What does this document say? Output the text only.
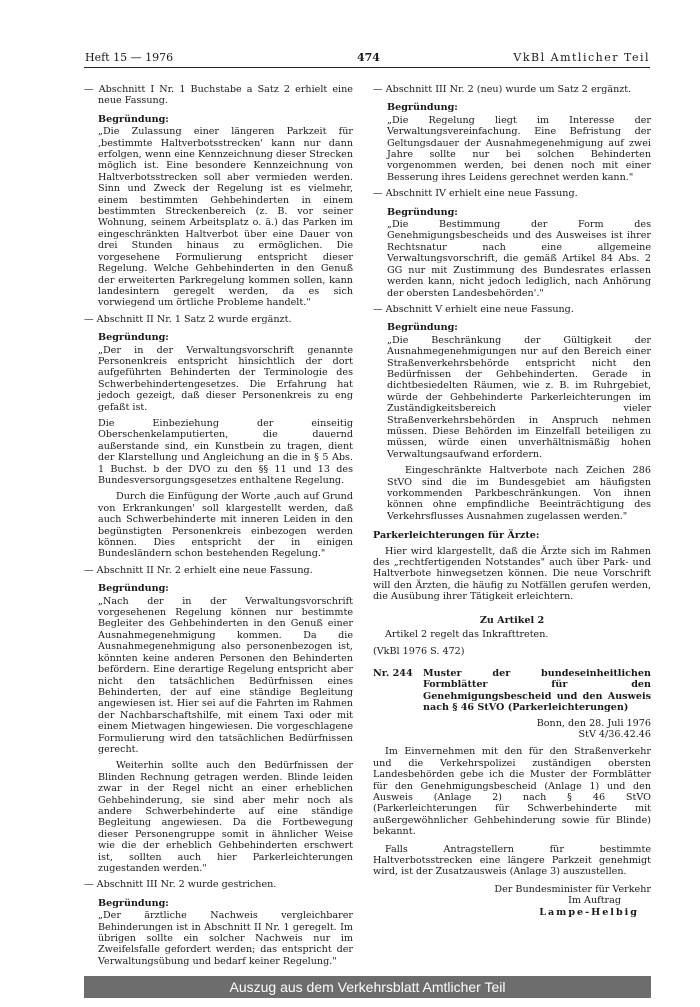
Heft 15 — 1976	474	VkBl Amtlicher Teil

— Abschnitt I Nr. 1 Buchstabe a Satz 2 erhielt eine neue Fassung.

Begründung:

„Die Zulassung einer längeren Parkzeit für ‚bestimmte Haltverbotsstrecken' kann nur dann erfolgen, wenn eine Kennzeichnung dieser Strecken möglich ist. Eine besondere Kennzeichnung von Haltverbotsstrecken soll aber vermieden werden. Sinn und Zweck der Regelung ist es vielmehr, einem bestimmten Gehbehinderten in einem bestimmten Streckenbereich (z. B. vor seiner Wohnung, seinem Arbeitsplatz o. ä.) das Parken im eingeschränkten Haltverbot über eine Dauer von drei Stunden hinaus zu ermöglichen. Die vorgesehene Formulierung entspricht dieser Regelung. Welche Gehbehinderten in den Genuß der erweiterten Parkregelung kommen sollen, kann landesintern geregelt werden, da es sich vorwiegend um örtliche Probleme handelt."

— Abschnitt II Nr. 1 Satz 2 wurde ergänzt.

Begründung:

„Der in der Verwaltungsvorschrift genannte Personenkreis entspricht hinsichtlich der dort aufgeführten Behinderten der Terminologie des Schwerbehindertengesetzes. Die Erfahrung hat jedoch gezeigt, daß dieser Personenkreis zu eng gefaßt ist.

Die Einbeziehung der einseitig Oberschenkelamputierten, die dauernd außerstande sind, ein Kunstbein zu tragen, dient der Klarstellung und Angleichung an die in § 5 Abs. 1 Buchst. b der DVO zu den §§ 11 und 13 des Bundesversorgungsgesetzes enthaltene Regelung.

Durch die Einfügung der Worte ‚auch auf Grund von Erkrankungen' soll klargestellt werden, daß auch Schwerbehinderte mit inneren Leiden in den begünstigten Personenkreis einbezogen werden können. Dies entspricht der in einigen Bundesländern schon bestehenden Regelung."

— Abschnitt II Nr. 2 erhielt eine neue Fassung.

Begründung:

„Nach der in der Verwaltungsvorschrift vorgesehenen Regelung können nur bestimmte Begleiter des Gehbehinderten in den Genuß einer Ausnahmegenehmigung kommen. Da die Ausnahmegenehmigung also personenbezogen ist, könnten keine anderen Personen den Behinderten befördern. Eine derartige Regelung entspricht aber nicht den tatsächlichen Bedürfnissen eines Behinderten, der auf eine ständige Begleitung angewiesen ist. Hier sei auf die Fahrten im Rahmen der Nachbarschaftshilfe, mit einem Taxi oder mit einem Mietwagen hingewiesen. Die vorgeschlagene Formulierung wird den tatsächlichen Bedürfnissen gerecht.

Weiterhin sollte auch den Bedürfnissen der Blinden Rechnung getragen werden. Blinde leiden zwar in der Regel nicht an einer erheblichen Gehbehinderung, sie sind aber mehr noch als andere Schwerbehinderte auf eine ständige Begleitung angewiesen. Da die Fortbewegung dieser Personengruppe somit in ähnlicher Weise wie die der erheblich Gehbehinderten erschwert ist, sollten auch hier Parkerleichterungen zugestanden werden."

— Abschnitt III Nr. 2 wurde gestrichen.

Begründung:

„Der ärztliche Nachweis vergleichbarer Behinderungen ist in Abschnitt II Nr. 1 geregelt. Im übrigen sollte ein solcher Nachweis nur im Zweifelsfalle gefordert werden; das entspricht der Verwaltungsübung und bedarf keiner Regelung."

— Abschnitt III Nr. 2 (neu) wurde um Satz 2 ergänzt.

Begründung:

„Die Regelung liegt im Interesse der Verwaltungsvereinfachung. Eine Befristung der Geltungsdauer der Ausnahmegenehmigung auf zwei Jahre sollte nur bei solchen Behinderten vorgenommen werden, bei denen noch mit einer Besserung ihres Leidens gerechnet werden kann."

— Abschnitt IV erhielt eine neue Fassung.

Begründung:

„Die Bestimmung der Form des Genehmigungsbescheids und des Ausweises ist ihrer Rechtsnatur nach eine allgemeine Verwaltungsvorschrift, die gemäß Artikel 84 Abs. 2 GG nur mit Zustimmung des Bundesrates erlassen werden kann, nicht jedoch lediglich, nach Anhörung der obersten Landesbehörden'."

— Abschnitt V erhielt eine neue Fassung.

Begründung:

„Die Beschränkung der Gültigkeit der Ausnahmegenehmigungen nur auf den Bereich einer Straßenverkehrsbehörde entspricht nicht den Bedürfnissen der Gehbehinderten. Gerade in dichtbesiedelten Räumen, wie z. B. im Ruhrgebiet, würde der Gehbehinderte Parkerleichterungen im Zuständigkeitsbereich vieler Straßenverkehrsbehörden in Anspruch nehmen müssen. Diese Behörden im Einzelfall beteiligen zu müssen, würde einen unverhältnismäßig hohen Verwaltungsaufwand erfordern.

Eingeschränkte Haltverbote nach Zeichen 286 StVO sind die im Bundesgebiet am häufigsten vorkommenden Parkbeschränkungen. Von ihnen können ohne empfindliche Beeinträchtigung des Verkehrsflusses Ausnahmen zugelassen werden."

Parkerleichterungen für Ärzte:

Hier wird klargestellt, daß die Ärzte sich im Rahmen des „rechtfertigenden Notstandes" auch über Park- und Haltverbote hinwegsetzen können. Die neue Vorschrift will den Ärzten, die häufig zu Notfällen gerufen werden, die Ausübung ihrer Tätigkeit erleichtern.

Zu Artikel 2

Artikel 2 regelt das Inkrafttreten.

(VkBl 1976 S. 472)

Nr. 244	Muster der bundeseinheitlichen Formblätter für den Genehmigungsbescheid und den Ausweis nach § 46 StVO (Parkerleichterungen)

Bonn, den 28. Juli 1976

StV 4/36.42.46

Im Einvernehmen mit den für den Straßenverkehr und die Verkehrspolizei zuständigen obersten Landesbehörden gebe ich die Muster der Formblätter für den Genehmigungsbescheid (Anlage 1) und den Ausweis (Anlage 2) nach § 46 StVO (Parkerleichterungen für Schwerbehinderte mit außergewöhnlicher Gehbehinderung sowie für Blinde) bekannt.

Falls Antragstellern für bestimmte Haltverbotsstrecken eine längere Parkzeit genehmigt wird, ist der Zusatzausweis (Anlage 3) auszustellen.

Der Bundesminister für Verkehr

Im Auftrag

Lampe-Helbig

Auszug aus dem Verkehrsblatt Amtlicher Teil
